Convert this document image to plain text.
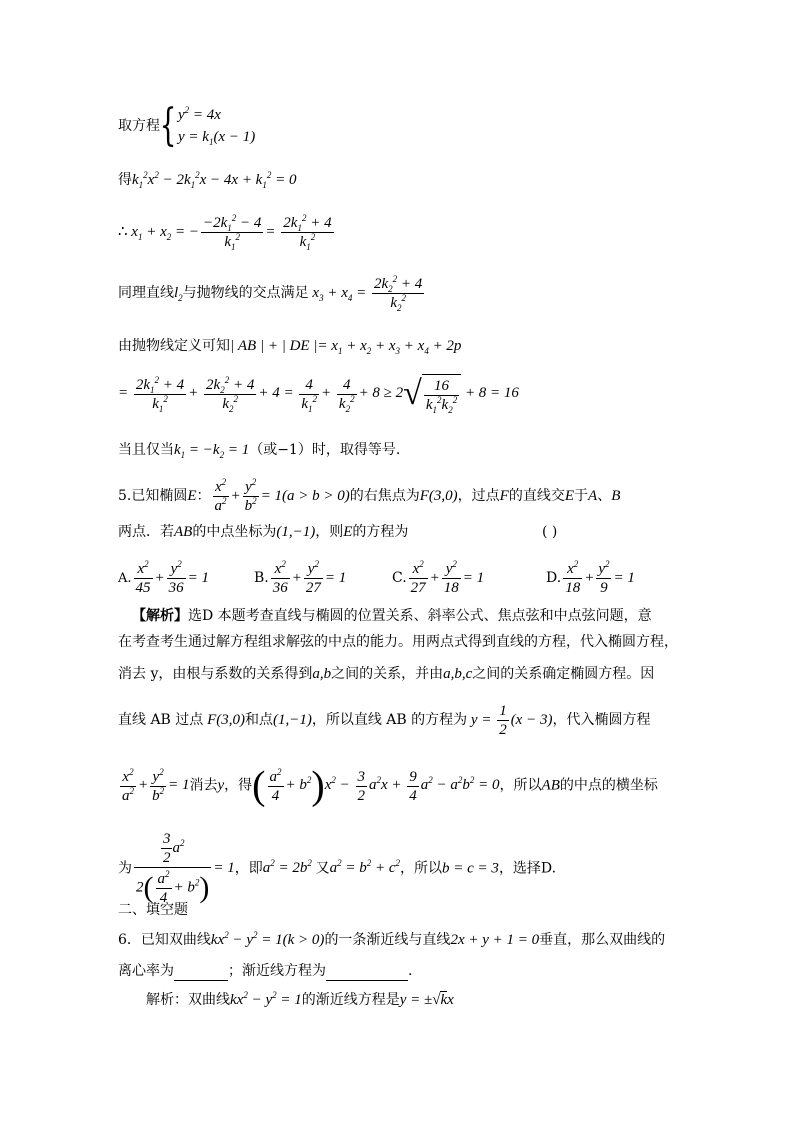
取方程{ $y^2 = 4x$
$y = k_1(x - 1)$
得$k_1^2x^2 - 2k_1^2x - 4x + k_1^2 = 0$
∴ $x_1 + x_2$ = − $\frac{-2k_1^2 - 4}{k_1^2} = \frac{2k_1^2 + 4}{k_1^2}$
同理直线$l_2$与抛物线的交点满足 $x_3 + x_4 = \frac{2k_2^2 + 4}{k_2^2}$
由抛物线定义可知| AB | + | DE |= $x_1 + x_2 + x_3 + x_4 + 2p$
= $\frac{2k_1^2 + 4}{k_1^2} + \frac{2k_2^2 + 4}{k_2^2} + 4 = \frac{4}{k_1^2} + \frac{4}{k_2^2} + 8 \ge 2√ \frac{16}{k_1^2k_2^2} + 8 = 16$
当且仅当$k_1 = -k_2 = 1$（或−1）时，取得等号.
5.已知椭圆E： $\frac{x^2}{a^2} + \frac{y^2}{b^2} = 1(a > b > 0)$的右焦点为F(3,0)，过点F的直线交E于A、B
两点．若AB的中点坐标为(1,−1)，则E的方程为	( )
A. $\frac{x^2}{45} + \frac{y^2}{36} = 1$	B. $\frac{x^2}{36} + \frac{y^2}{27} = 1$	C. $\frac{x^2}{27} + \frac{y^2}{18} = 1$	D. $\frac{x^2}{18} + \frac{y^2}{9} = 1$
【解析】选D 本题考查直线与椭圆的位置关系、斜率公式、焦点弦和中点弦问题，意
在考查考生通过解方程组求解弦的中点的能力。用两点式得到直线的方程，代入椭圆方程，
消去 y，由根与系数的关系得到a,b之间的关系，并由a,b,c之间的关系确定椭圆方程。因
直线 AB 过点 F(3,0)和点(1,−1)，所以直线 AB 的方程为 $y = \frac{1}{2} (x - 3)$，代入椭圆方程
$\frac{x^2}{a^2} + \frac{y^2}{b^2} = 1$消去y，得( $\frac{a^2}{4} + b^2)x^2 - \frac{3}{2} a^2x + \frac{9}{4} a^2 - a^2b^2 = 0$，所以AB的中点的横坐标
为 $\frac{\frac{3}{2} a^2}{2( \frac{a^2}{4} + b^2)} = 1$，即$a^2 = 2b^2$ 又$a^2 = b^2 + c^2$，所以b = c = 3，选择D.
二、填空题
6．已知双曲线$kx^2 - y^2 = 1(k > 0)$的一条渐近线与直线2x + y + 1 = 0垂直，那么双曲线的
离心率为	；渐近线方程为	.
解析：双曲线$kx^2 - y^2 = 1$的渐近线方程是y = ±√kx
